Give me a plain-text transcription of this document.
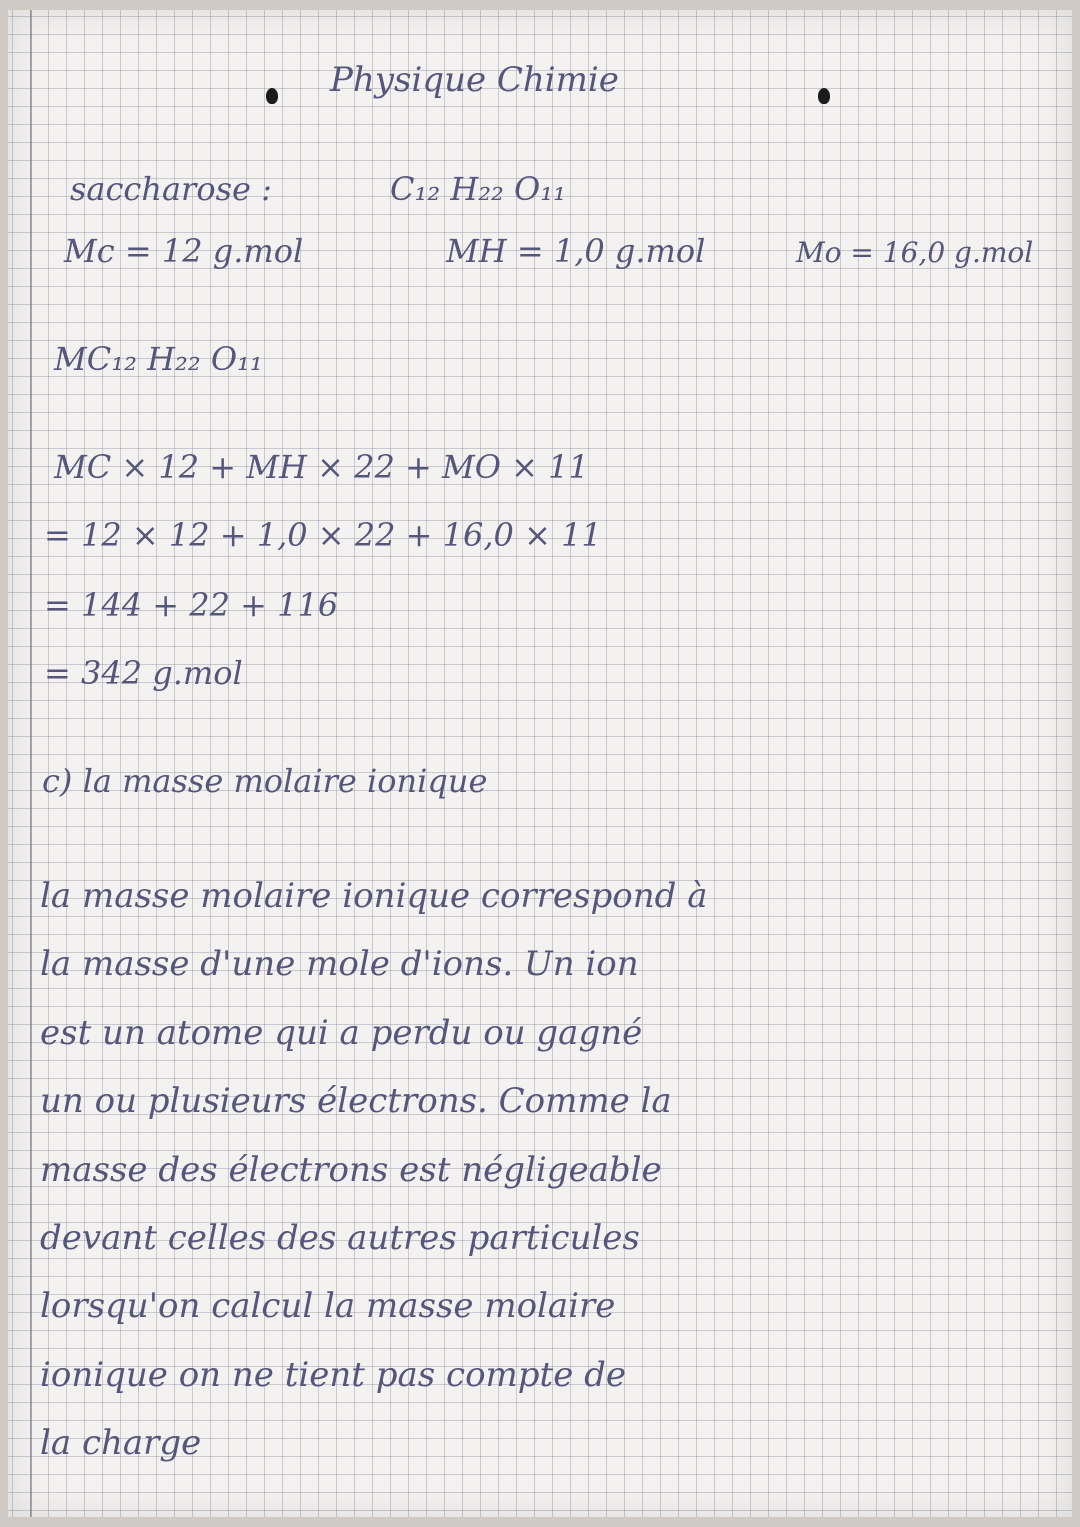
Physique Chimie
saccharose :	C₁₂ H₂₂ O₁₁
Mc = 12 g.mol	MH = 1,0 g.mol	Mo = 16,0 g.mol
MC₁₂ H₂₂ O₁₁
MC × 12 + MH × 22 + MO × 11
= 12 × 12 + 1,0 × 22 + 16,0 × 11
= 144 + 22 + 116
= 342 g.mol
c) la masse molaire ionique
la masse molaire ionique correspond à
la masse d'une mole d'ions. Un ion
est un atome qui a perdu ou gagné
un ou plusieurs électrons. Comme la
masse des électrons est négligeable
devant celles des autres particules
lorsqu'on calcul la masse molaire
ionique on ne tient pas compte de
la charge
